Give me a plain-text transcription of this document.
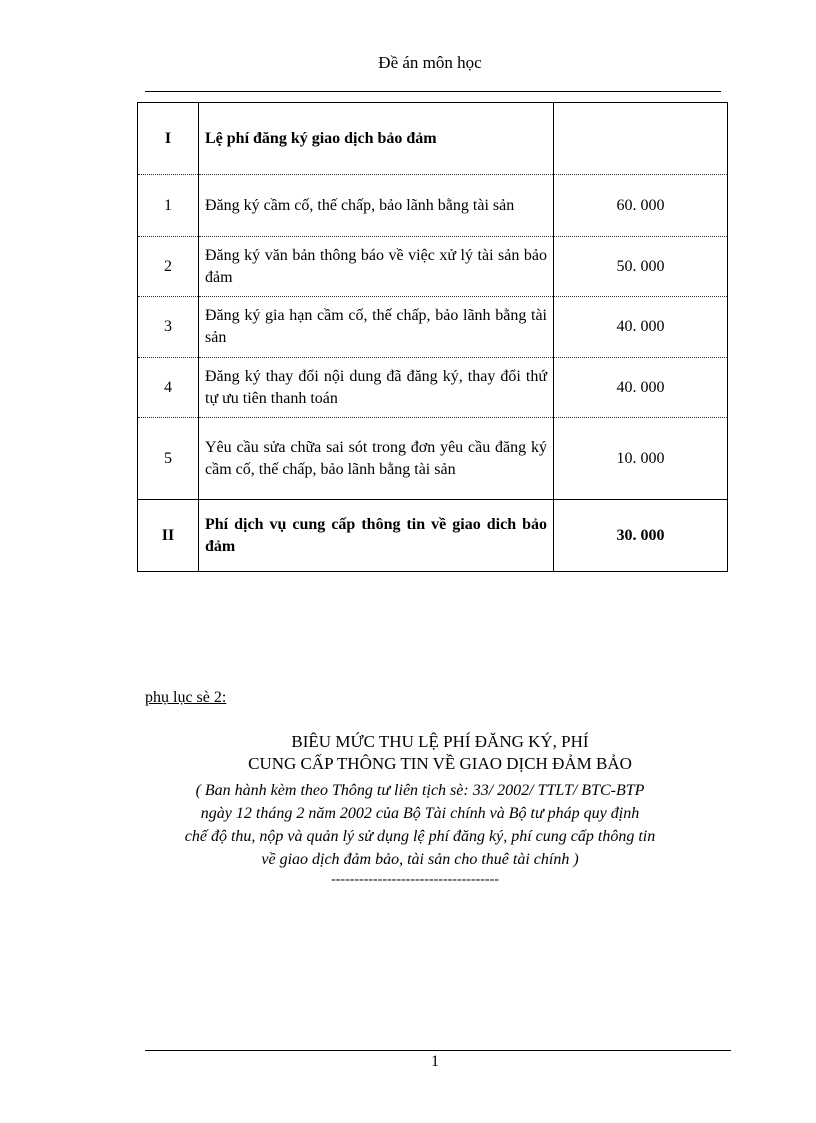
Đề án môn học
I	Lệ phí đăng ký giao dịch bảo đảm	

1	Đăng ký cầm cố, thế chấp, bảo lãnh bằng tài sản	60. 000
2	Đăng ký văn bản thông báo về việc xử lý tài sản bảo đảm	50. 000
3	Đăng ký gia hạn cầm cố, thế chấp, bảo lãnh bằng tài sản	40. 000
4	Đăng ký thay đổi nội dung đã đăng ký, thay đổi thứ tự ưu tiên thanh toán	40. 000
5	Yêu cầu sửa chữa sai sót trong đơn yêu cầu đăng ký cầm cố, thế chấp, bảo lãnh bằng tài sản	10. 000
II	Phí dịch vụ cung cấp thông tin về giao dich bảo đảm	30. 000
phụ lục sè 2:
BIÊU MỨC THU LỆ PHÍ ĐĂNG KÝ, PHÍ
CUNG CẤP THÔNG TIN VỀ GIAO DỊCH ĐẢM BẢO
( Ban hành kèm theo Thông tư liên tịch sè: 33/ 2002/ TTLT/ BTC-BTP
ngày 12 tháng 2 năm 2002 của Bộ Tài chính và Bộ tư pháp quy định
chế độ thu, nộp và quản lý sử dụng lệ phí đăng ký, phí cung cấp thông tin
về giao dịch đảm bảo, tài sản cho thuê tài chính )
------------------------------------
1
